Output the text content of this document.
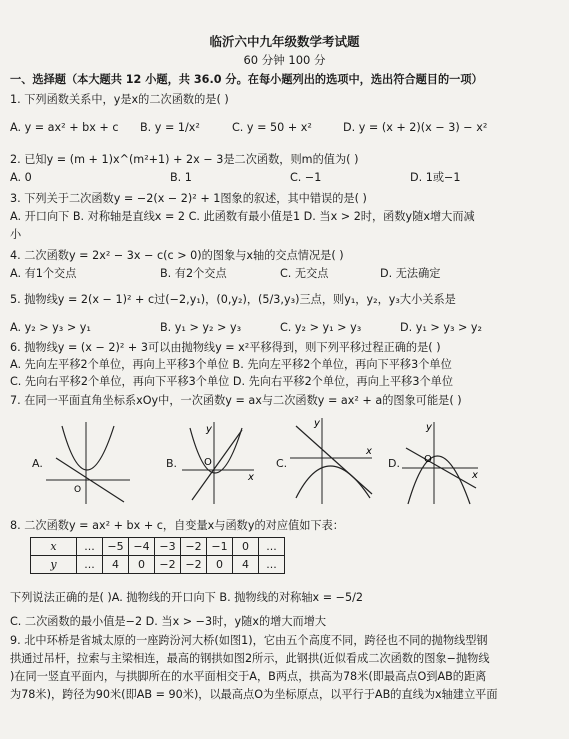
临沂六中九年级数学考试题
60 分钟 100 分
一、选择题（本大题共 12 小题，共 36.0 分。在每小题列出的选项中，选出符合题目的一项）
1. 下列函数关系中，y是x的二次函数的是( )
A. y = ax² + bx + c B. y = 1/x²	C. y = 50 + x²	D. y = (x + 2)(x − 3) − x²
2. 已知y = (m + 1)x^(m²+1) + 2x − 3是二次函数，则m的值为( )
A. 0	B. 1	C. −1	D. 1或−1
3. 下列关于二次函数y = −2(x − 2)² + 1图象的叙述，其中错误的是( )
A. 开口向下 B. 对称轴是直线x = 2 C. 此函数有最小值是1 D. 当x > 2时，函数y随x增大而减
小
4. 二次函数y = 2x² − 3x − c(c > 0)的图象与x轴的交点情况是( )
A. 有1个交点	B. 有2个交点	C. 无交点	D. 无法确定
5. 抛物线y = 2(x − 1)² + c过(−2,y₁)，(0,y₂)，(5/3,y₃)三点，则y₁，y₂，y₃大小关系是
A. y₂ > y₃ > y₁	B. y₁ > y₂ > y₃	C. y₂ > y₁ > y₃	D. y₁ > y₃ > y₂
6. 抛物线y = (x − 2)² + 3可以由抛物线y = x²平移得到，则下列平移过程正确的是( )
A. 先向左平移2个单位，再向上平移3个单位 B. 先向左平移2个单位，再向下平移3个单位
C. 先向右平移2个单位，再向下平移3个单位 D. 先向右平移2个单位，再向上平移3个单位
7. 在同一平面直角坐标系xOy中，一次函数y = ax与二次函数y = ax² + a的图象可能是( )
A.
O
B.	O
y
x
C.
y
x
D. O
y
x
8. 二次函数y = ax² + bx + c，自变量x与函数y的对应值如下表：
x	...	−5	−4	−3	−2	−1	0	...
y	...	4	0	−2	−2	0	4	...
下列说法正确的是( )A. 抛物线的开口向下 B. 抛物线的对称轴x = −5/2
C. 二次函数的最小值是−2 D. 当x > −3时，y随x的增大而增大
9. 北中环桥是省城太原的一座跨汾河大桥(如图1)，它由五个高度不同，跨径也不同的抛物线型钢
拱通过吊杆，拉索与主梁相连，最高的钢拱如图2所示，此钢拱(近似看成二次函数的图象−抛物线
)在同一竖直平面内，与拱脚所在的水平面相交于A，B两点，拱高为78米(即最高点O到AB的距离
为78米)，跨径为90米(即AB = 90米)，以最高点O为坐标原点，以平行于AB的直线为x轴建立平面
